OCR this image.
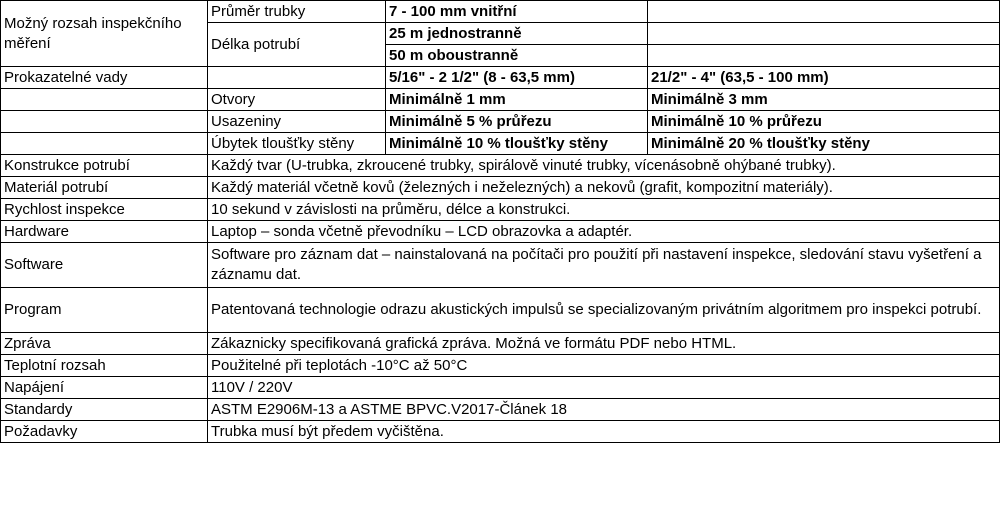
Možný rozsah inspekčního měření	Průměr trubky	7 - 100 mm vnitřní	
	Délka potrubí	25 m jednostranně	
		50 m oboustranně	
Prokazatelné vady		5/16" - 2 1/2" (8 - 63,5 mm)	21/2" - 4" (63,5 - 100 mm)
	Otvory	Minimálně 1 mm	Minimálně 3 mm
	Usazeniny	Minimálně 5 % průřezu	Minimálně 10 % průřezu
	Úbytek tloušťky stěny	Minimálně 10 % tloušťky stěny	Minimálně 20 % tloušťky stěny
Konstrukce potrubí	Každý tvar (U-trubka, zkroucené trubky, spirálově vinuté trubky, vícenásobně ohýbané trubky).		
Materiál potrubí	Každý materiál včetně kovů (železných i neželezných) a nekovů (grafit, kompozitní materiály).		
Rychlost inspekce	10 sekund v závislosti na průměru, délce a konstrukci.		
Hardware	Laptop – sonda včetně převodníku – LCD obrazovka a adaptér.		
Software	Software pro záznam dat – nainstalovaná na počítači pro použití při nastavení inspekce, sledování stavu vyšetření a záznamu dat.		
Program	Patentovaná technologie odrazu akustických impulsů se specializovaným privátním algoritmem pro inspekci potrubí.		
Zpráva	Zákaznicky specifikovaná grafická zpráva. Možná ve formátu PDF nebo HTML.		
Teplotní rozsah	Použitelné při teplotách -10°C až 50°C		
Napájení	110V / 220V		
Standardy	ASTM E2906M-13 a ASTME BPVC.V2017-Článek 18		
Požadavky	Trubka musí být předem vyčištěna.		
